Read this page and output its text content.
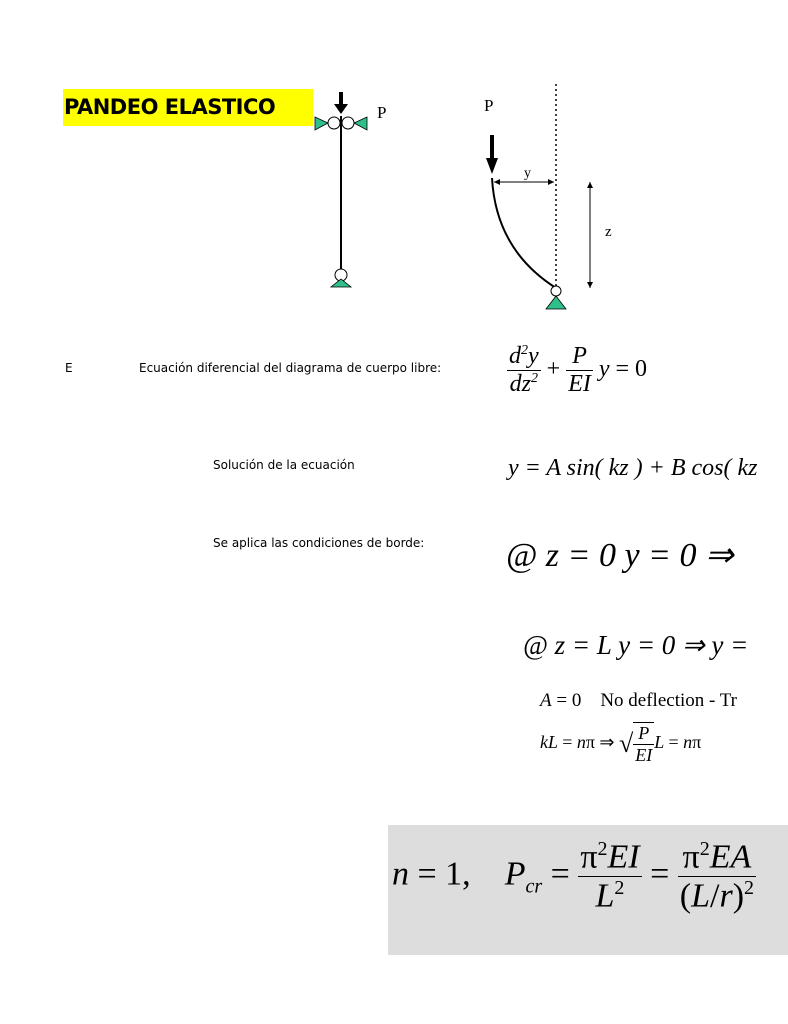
PANDEO ELASTICO	P	P
y
z
E	Ecuación diferencial del diagrama de cuerpo libre:
Solución de la ecuación
Se aplica las condiciones de borde:
$\frac{d^2y}{dz^2} + \frac{P}{EI}$ y = 0
y = A sin( kz ) + B cos( kz
@ z = 0 y = 0 ⇒
@ z = L y = 0 ⇒ y =
A = 0    No deflection - Tr
kL = nπ ⇒ √ $\frac{P}{EI}$ L = nπ
n = 1,    $P_{cr} = \frac{\pi^2EI}{L^2} = \frac{\pi^2EA}{(L/r)^2}$
